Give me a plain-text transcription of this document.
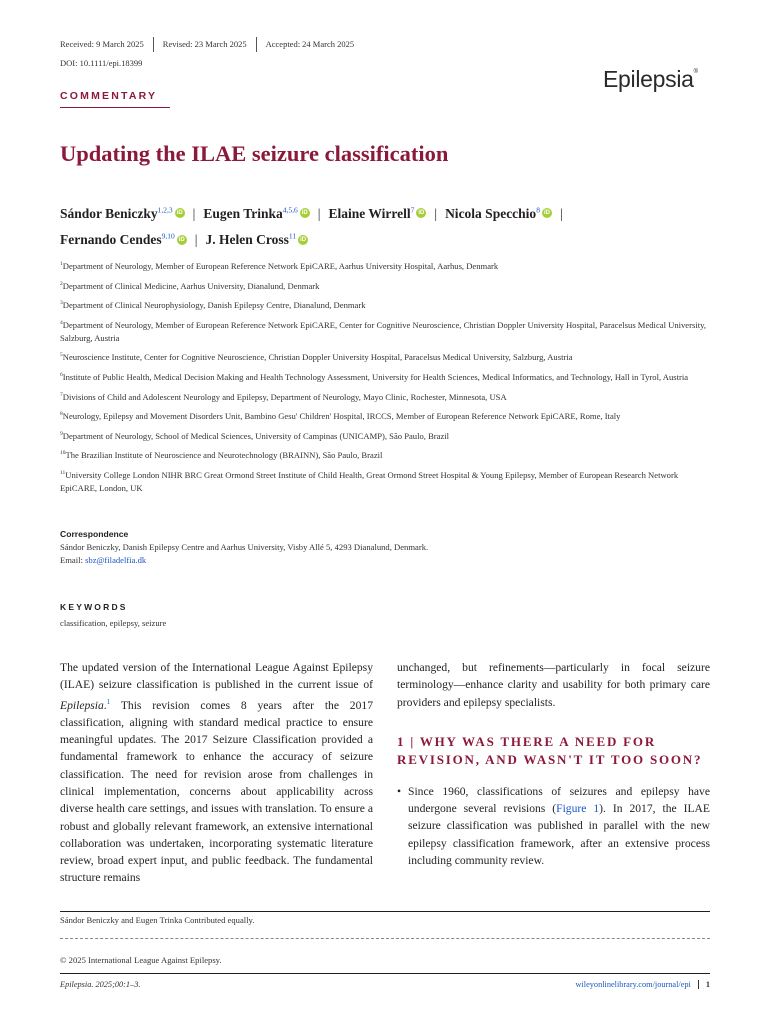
Received: 9 March 2025	Revised: 23 March 2025	Accepted: 24 March 2025
DOI: 10.1111/epi.18399
Epilepsia®
COMMENTARY
Updating the ILAE seizure classification
Sándor Beniczky$^{1,2,3}$ iD | Eugen Trinka$^{4,5,6}$ iD | Elaine Wirrell$^7$ iD | Nicola Specchio$^8$ iD |
Fernando Cendes$^{9,10}$ iD | J. Helen Cross$^{11}$ iD

$^1$Department of Neurology, Member of European Reference Network EpiCARE, Aarhus University Hospital, Aarhus, Denmark

$^2$Department of Clinical Medicine, Aarhus University, Dianalund, Denmark

$^3$Department of Clinical Neurophysiology, Danish Epilepsy Centre, Dianalund, Denmark

$^4$Department of Neurology, Member of European Reference Network EpiCARE, Center for Cognitive Neuroscience, Christian Doppler University Hospital, Paracelsus Medical University, Salzburg, Austria

$^5$Neuroscience Institute, Center for Cognitive Neuroscience, Christian Doppler University Hospital, Paracelsus Medical University, Salzburg, Austria

$^6$Institute of Public Health, Medical Decision Making and Health Technology Assessment, University for Health Sciences, Medical Informatics, and Technology, Hall in Tyrol, Austria

$^7$Divisions of Child and Adolescent Neurology and Epilepsy, Department of Neurology, Mayo Clinic, Rochester, Minnesota, USA

$^8$Neurology, Epilepsy and Movement Disorders Unit, Bambino Gesu' Children' Hospital, IRCCS, Member of European Reference Network EpiCARE, Rome, Italy

$^9$Department of Neurology, School of Medical Sciences, University of Campinas (UNICAMP), São Paulo, Brazil

$^{10}$The Brazilian Institute of Neuroscience and Neurotechnology (BRAINN), São Paulo, Brazil

$^{11}$University College London NIHR BRC Great Ormond Street Institute of Child Health, Great Ormond Street Hospital & Young Epilepsy, Member of European Research Network EpiCARE, London, UK

Correspondence
Sándor Beniczky, Danish Epilepsy Centre and Aarhus University, Visby Allé 5, 4293 Dianalund, Denmark.
Email: sbz@filadelfia.dk
KEYWORDS
classification, epilepsy, seizure
The updated version of the International League Against Epilepsy (ILAE) seizure classification is published in the current issue of Epilepsia.$^1$ This revision comes 8 years after the 2017 classification, aligning with standard medical practice to ensure meaningful updates. The 2017 Seizure Classification provided a fundamental framework to enhance the accuracy of seizure classification. The need for revision arose from challenges in clinical implementation, concerns about applicability across diverse health care settings, and issues with translation. To ensure a robust and globally relevant framework, an extensive international collaboration was undertaken, incorporating systematic literature review, broad expert input, and public feedback. The fundamental structure remains

unchanged, but refinements—particularly in focal seizure terminology—enhance clarity and usability for both primary care providers and epilepsy specialists.

1 | WHY WAS THERE A NEED FOR REVISION, AND WASN'T IT TOO SOON?
• Since 1960, classifications of seizures and epilepsy have undergone several revisions (Figure 1). In 2017, the ILAE seizure classification was published in parallel with the new epilepsy classification framework, after an extensive process including community review.
Sándor Beniczky and Eugen Trinka Contributed equally.
© 2025 International League Against Epilepsy.
Epilepsia. 2025;00:1–3.	wileyonlinelibrary.com/journal/epi	1
